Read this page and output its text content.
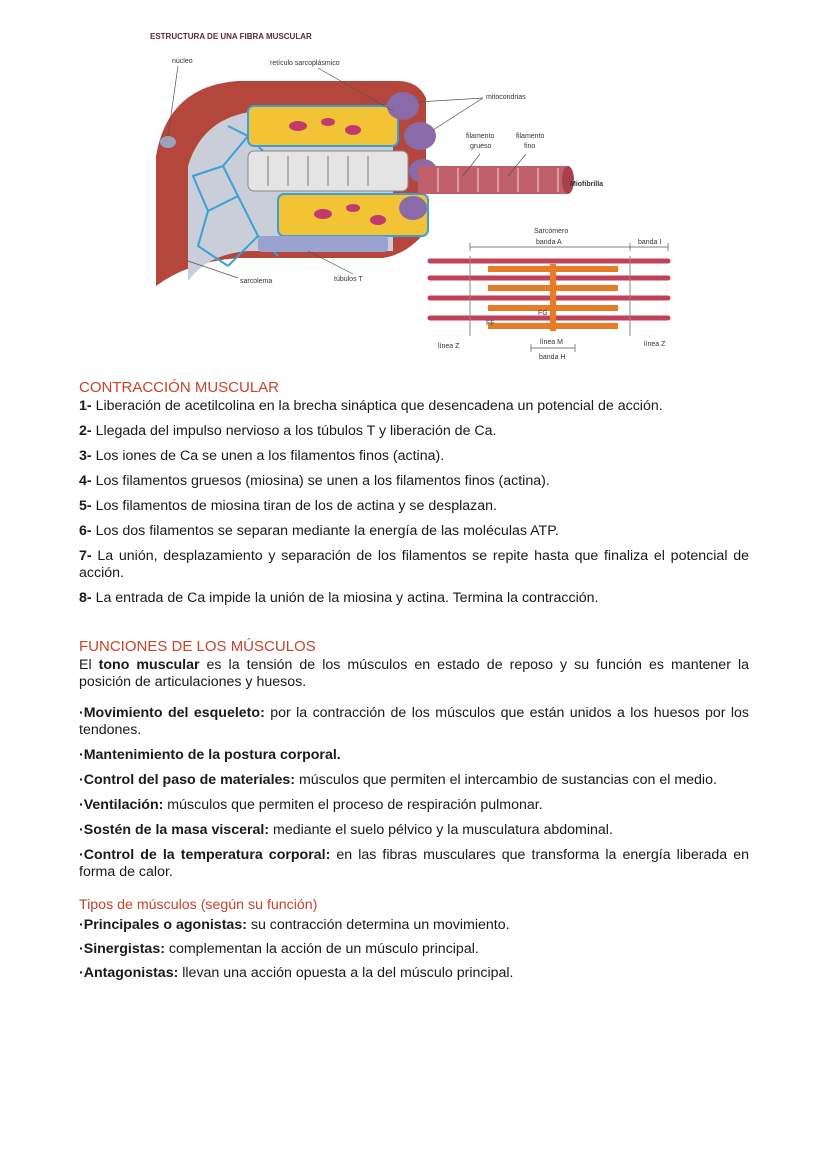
ESTRUCTURA DE UNA FIBRA MUSCULAR
núcleo	retículo sarcoplásmico
mitocondrias
filamento
grueso
filamento
fino
Miofibrilla
sarcolema	túbulos T
Sarcómero
banda A	banda I
FG
FF
línea M
línea Z	línea Z
banda H
CONTRACCIÓN MUSCULAR
1- Liberación de acetilcolina en la brecha sináptica que desencadena un potencial de acción.
2- Llegada del impulso nervioso a los túbulos T y liberación de Ca.
3- Los iones de Ca se unen a los filamentos finos (actina).
4- Los filamentos gruesos (miosina) se unen a los filamentos finos (actina).
5- Los filamentos de miosina tiran de los de actina y se desplazan.
6- Los dos filamentos se separan mediante la energía de las moléculas ATP.
7- La unión, desplazamiento y separación de los filamentos se repite hasta que finaliza el potencial de acción.
8- La entrada de Ca impide la unión de la miosina y actina. Termina la contracción.
FUNCIONES DE LOS MÚSCULOS
El tono muscular es la tensión de los músculos en estado de reposo y su función es mantener la posición de articulaciones y huesos.
·Movimiento del esqueleto: por la contracción de los músculos que están unidos a los huesos por los tendones.
·Mantenimiento de la postura corporal.
·Control del paso de materiales: músculos que permiten el intercambio de sustancias con el medio.
·Ventilación: músculos que permiten el proceso de respiración pulmonar.
·Sostén de la masa visceral: mediante el suelo pélvico y la musculatura abdominal.
·Control de la temperatura corporal: en las fibras musculares que transforma la energía liberada en forma de calor.
Tipos de músculos (según su función)
·Principales o agonistas: su contracción determina un movimiento.
·Sinergistas: complementan la acción de un músculo principal.
·Antagonistas: llevan una acción opuesta a la del músculo principal.
